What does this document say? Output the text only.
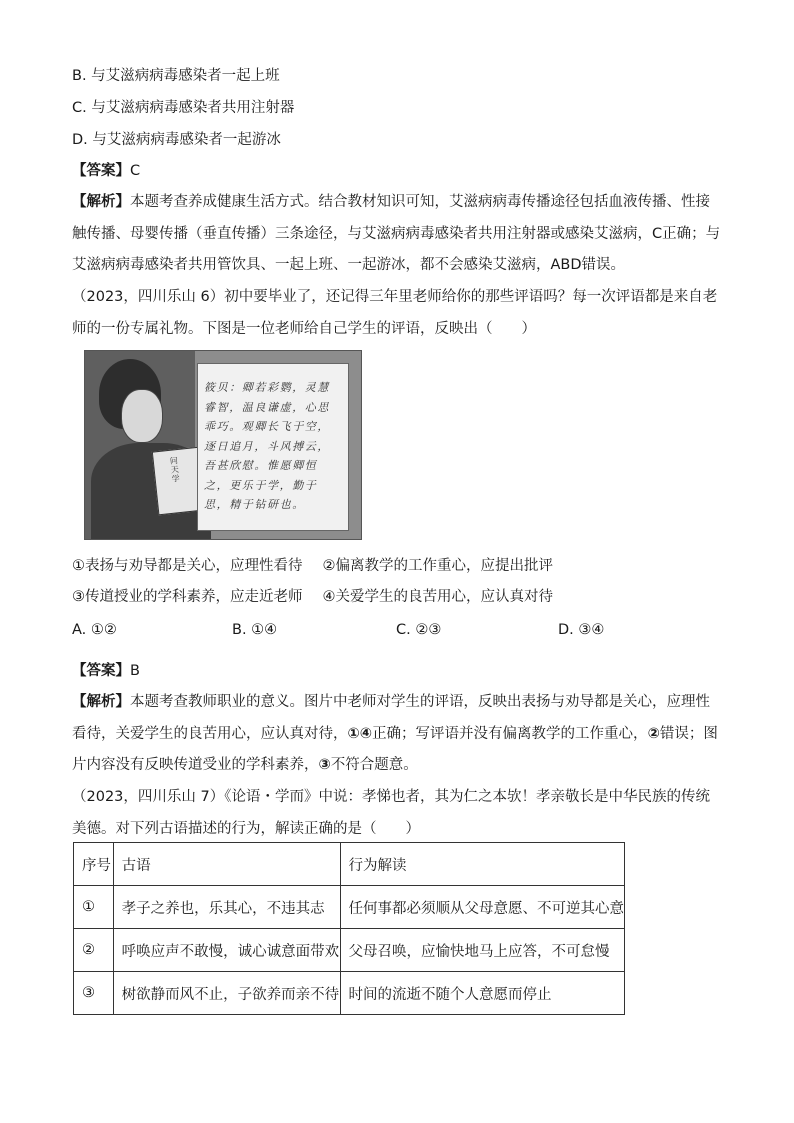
B. 与艾滋病病毒感染者一起上班
C. 与艾滋病病毒感染者共用注射器
D. 与艾滋病病毒感染者一起游冰
【答案】C
【解析】本题考查养成健康生活方式。结合教材知识可知，艾滋病病毒传播途径包括血液传播、性接触传播、母婴传播（垂直传播）三条途径，与艾滋病病毒感染者共用注射器或感染艾滋病，C正确；与艾滋病病毒感染者共用管饮具、一起上班、一起游冰，都不会感染艾滋病，ABD错误。
（2023，四川乐山 6）初中要毕业了，还记得三年里老师给你的那些评语吗？每一次评语都是来自老师的一份专属礼物。下图是一位老师给自己学生的评语，反映出（　　）
问天学
筱贝：卿若彩鹦，灵慧睿智，温良谦虚，心思乖巧。观卿长飞于空，逐日追月，斗风搏云，吾甚欣慰。惟愿卿恒之，更乐于学，勤于思，精于钻研也。
①表扬与劝导都是关心，应理性看待 ②偏离教学的工作重心，应提出批评
③传道授业的学科素养，应走近老师 ④关爱学生的良苦用心，应认真对待
A. ①②	B. ①④	C. ②③	D. ③④
【答案】B
【解析】本题考查教师职业的意义。图片中老师对学生的评语，反映出表扬与劝导都是关心，应理性看待，关爱学生的良苦用心，应认真对待，①④正确；写评语并没有偏离教学的工作重心，②错误；图片内容没有反映传道受业的学科素养，③不符合题意。
（2023，四川乐山 7）《论语・学而》中说：孝悌也者，其为仁之本欤！孝亲敬长是中华民族的传统美德。对下列古语描述的行为，解读正确的是（　　）
序号	古语	行为解读
①	孝子之养也，乐其心，不违其志	任何事都必须顺从父母意愿、不可逆其心意
②	呼唤应声不敢慢，诚心诚意面带欢	父母召唤，应愉快地马上应答，不可怠慢
③	树欲静而风不止，子欲养而亲不待	时间的流逝不随个人意愿而停止
